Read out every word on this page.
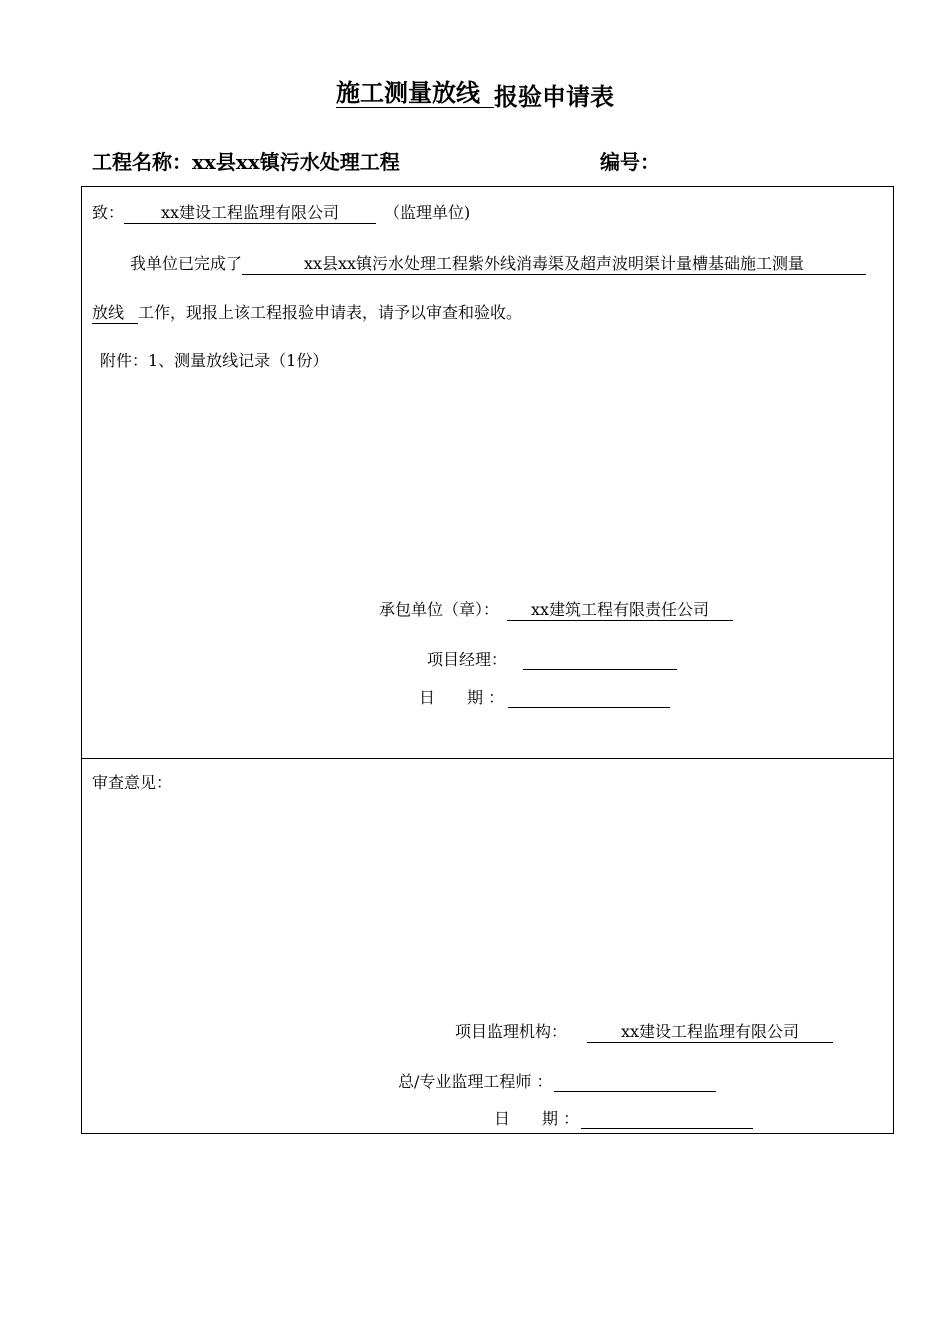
施工测量放线 报验申请表
工程名称：xx县xx镇污水处理工程	编号：
致： xx建设工程监理有限公司	（监理单位)
我单位已完成了	xx县xx镇污水处理工程紫外线消毒渠及超声波明渠计量槽基础施工测量
放线 工作，现报上该工程报验申请表，请予以审查和验收。
附件：1、测量放线记录（1份）
承包单位（章）： xx建筑工程有限责任公司
项目经理：
日　　期 ：
审查意见：
项目监理机构：	xx建设工程监理有限公司
总/专业监理工程师 ：
日　　期 ：
